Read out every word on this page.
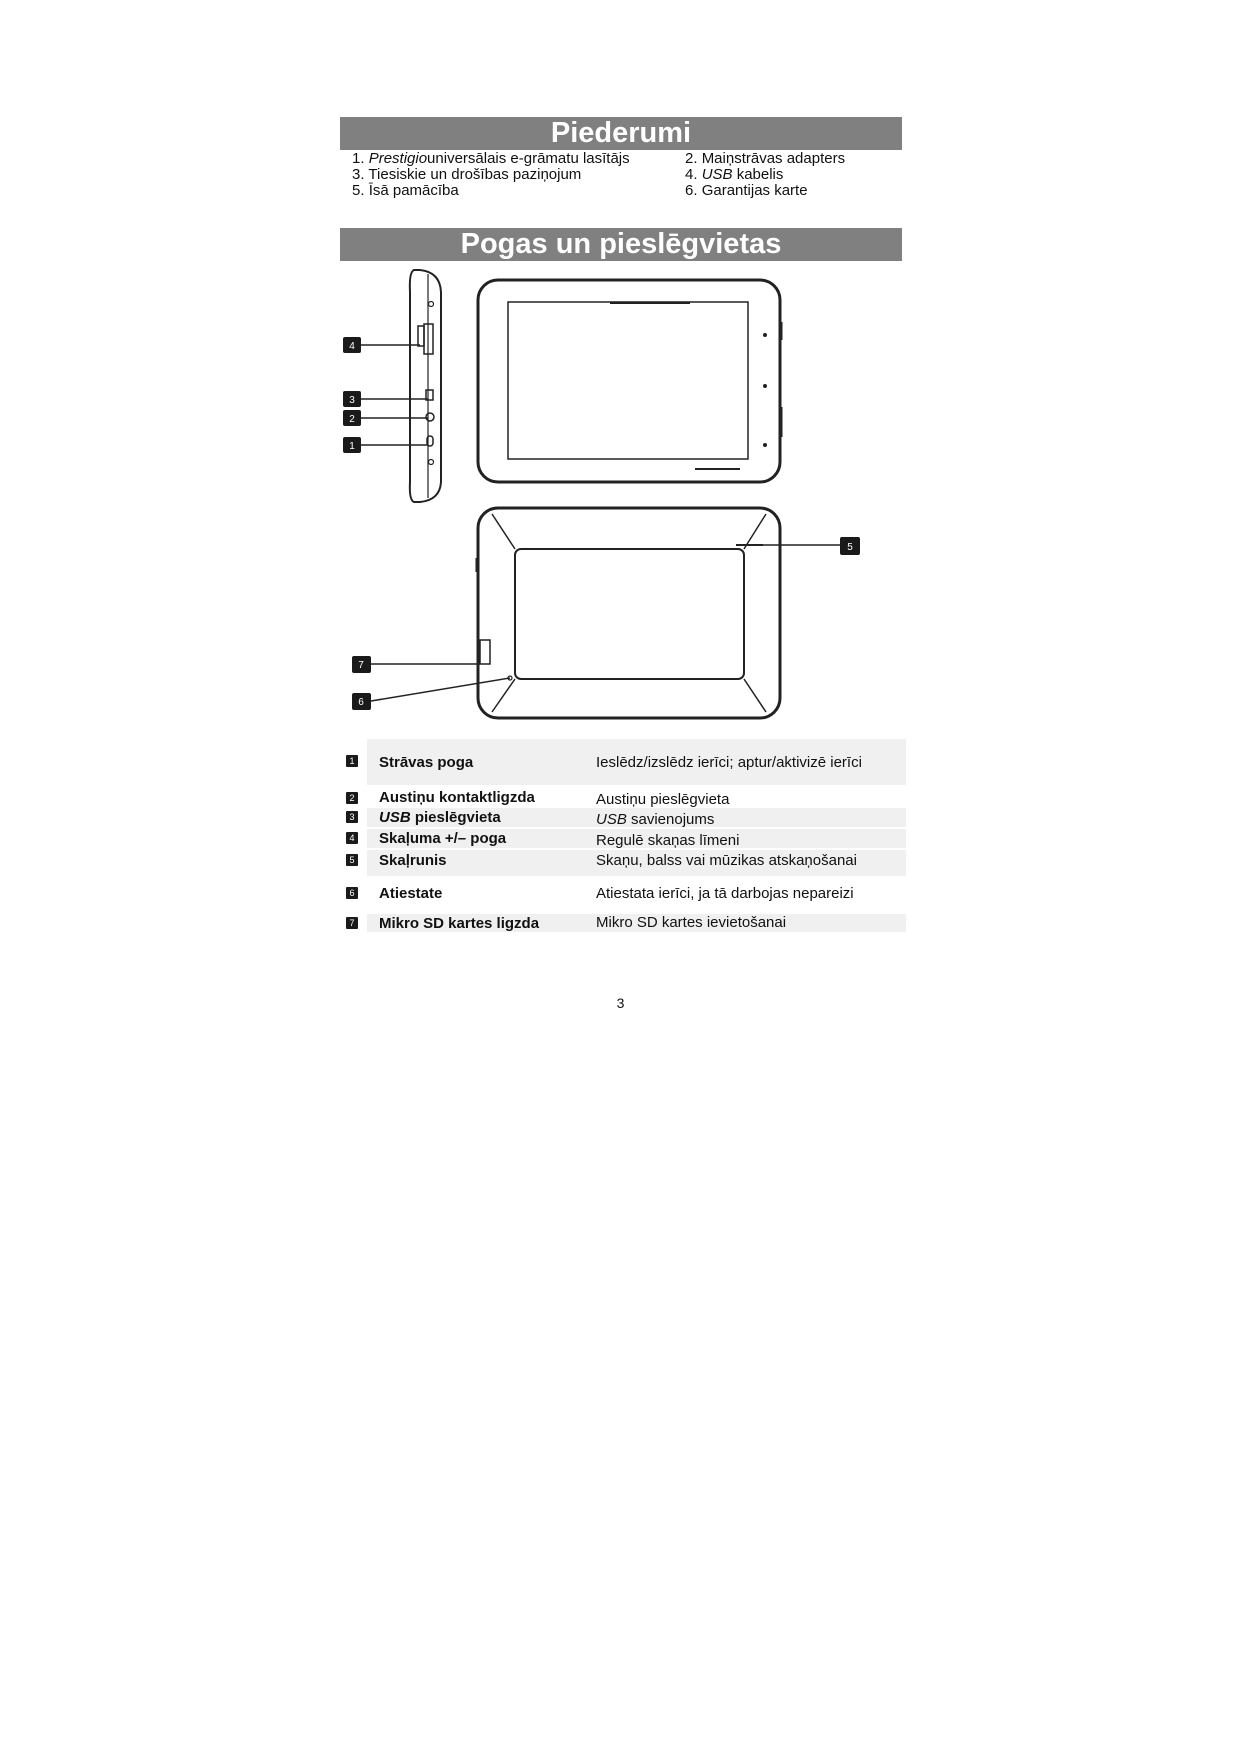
Piederumi
1. Prestigiouniversālais e-grāmatu lasītājs	2. Maiņstrāvas adapters
3. Tiesiskie un drošības paziņojum	4. USB kabelis
5. Īsā pamācība	6. Garantijas karte
Pogas un pieslēgvietas
4
3
2
1
5
7
6
1 Strāvas poga	Ieslēdz/izslēdz ierīci; aptur/aktivizē ierīci
2 Austiņu kontaktligzda	Austiņu pieslēgvieta
3 USB pieslēgvieta	USB savienojums
4 Skaļuma +/– poga	Regulē skaņas līmeni
5 Skaļrunis	Skaņu, balss vai mūzikas atskaņošanai
6 Atiestate	Atiestata ierīci, ja tā darbojas nepareizi
7 Mikro SD kartes ligzda	Mikro SD kartes ievietošanai
3
